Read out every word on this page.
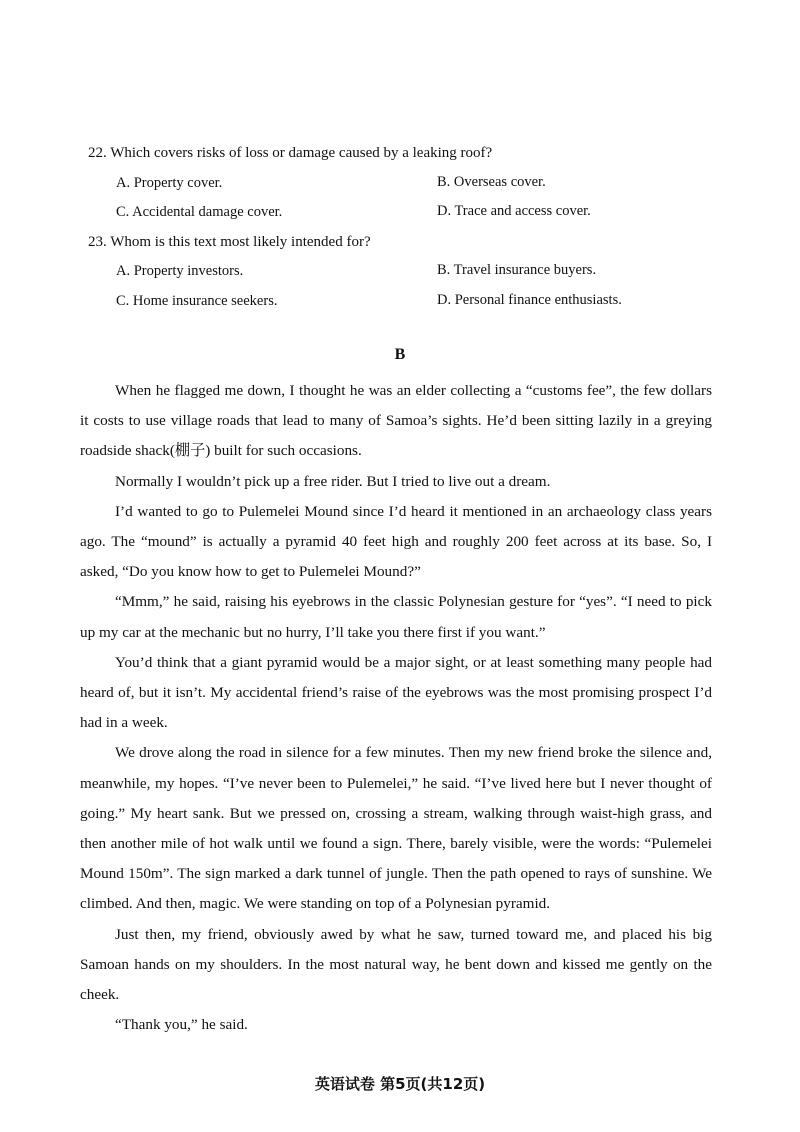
22. Which covers risks of loss or damage caused by a leaking roof?
A. Property cover.	B. Overseas cover.
C. Accidental damage cover.	D. Trace and access cover.
23. Whom is this text most likely intended for?
A. Property investors.	B. Travel insurance buyers.
C. Home insurance seekers.	D. Personal finance enthusiasts.
B

When he flagged me down, I thought he was an elder collecting a “customs fee”, the few dollars it costs to use village roads that lead to many of Samoa’s sights. He’d been sitting lazily in a greying roadside shack(棚子) built for such occasions.

Normally I wouldn’t pick up a free rider. But I tried to live out a dream.

I’d wanted to go to Pulemelei Mound since I’d heard it mentioned in an archaeology class years ago. The “mound” is actually a pyramid 40 feet high and roughly 200 feet across at its base. So, I asked, “Do you know how to get to Pulemelei Mound?”

“Mmm,” he said, raising his eyebrows in the classic Polynesian gesture for “yes”. “I need to pick up my car at the mechanic but no hurry, I’ll take you there first if you want.”

You’d think that a giant pyramid would be a major sight, or at least something many people had heard of, but it isn’t. My accidental friend’s raise of the eyebrows was the most promising prospect I’d had in a week.

We drove along the road in silence for a few minutes. Then my new friend broke the silence and, meanwhile, my hopes. “I’ve never been to Pulemelei,” he said. “I’ve lived here but I never thought of going.” My heart sank. But we pressed on, crossing a stream, walking through waist-high grass, and then another mile of hot walk until we found a sign. There, barely visible, were the words: “Pulemelei Mound 150m”. The sign marked a dark tunnel of jungle. Then the path opened to rays of sunshine. We climbed. And then, magic. We were standing on top of a Polynesian pyramid.

Just then, my friend, obviously awed by what he saw, turned toward me, and placed his big Samoan hands on my shoulders. In the most natural way, he bent down and kissed me gently on the cheek.

“Thank you,” he said.

英语试卷 第5页(共12页)
